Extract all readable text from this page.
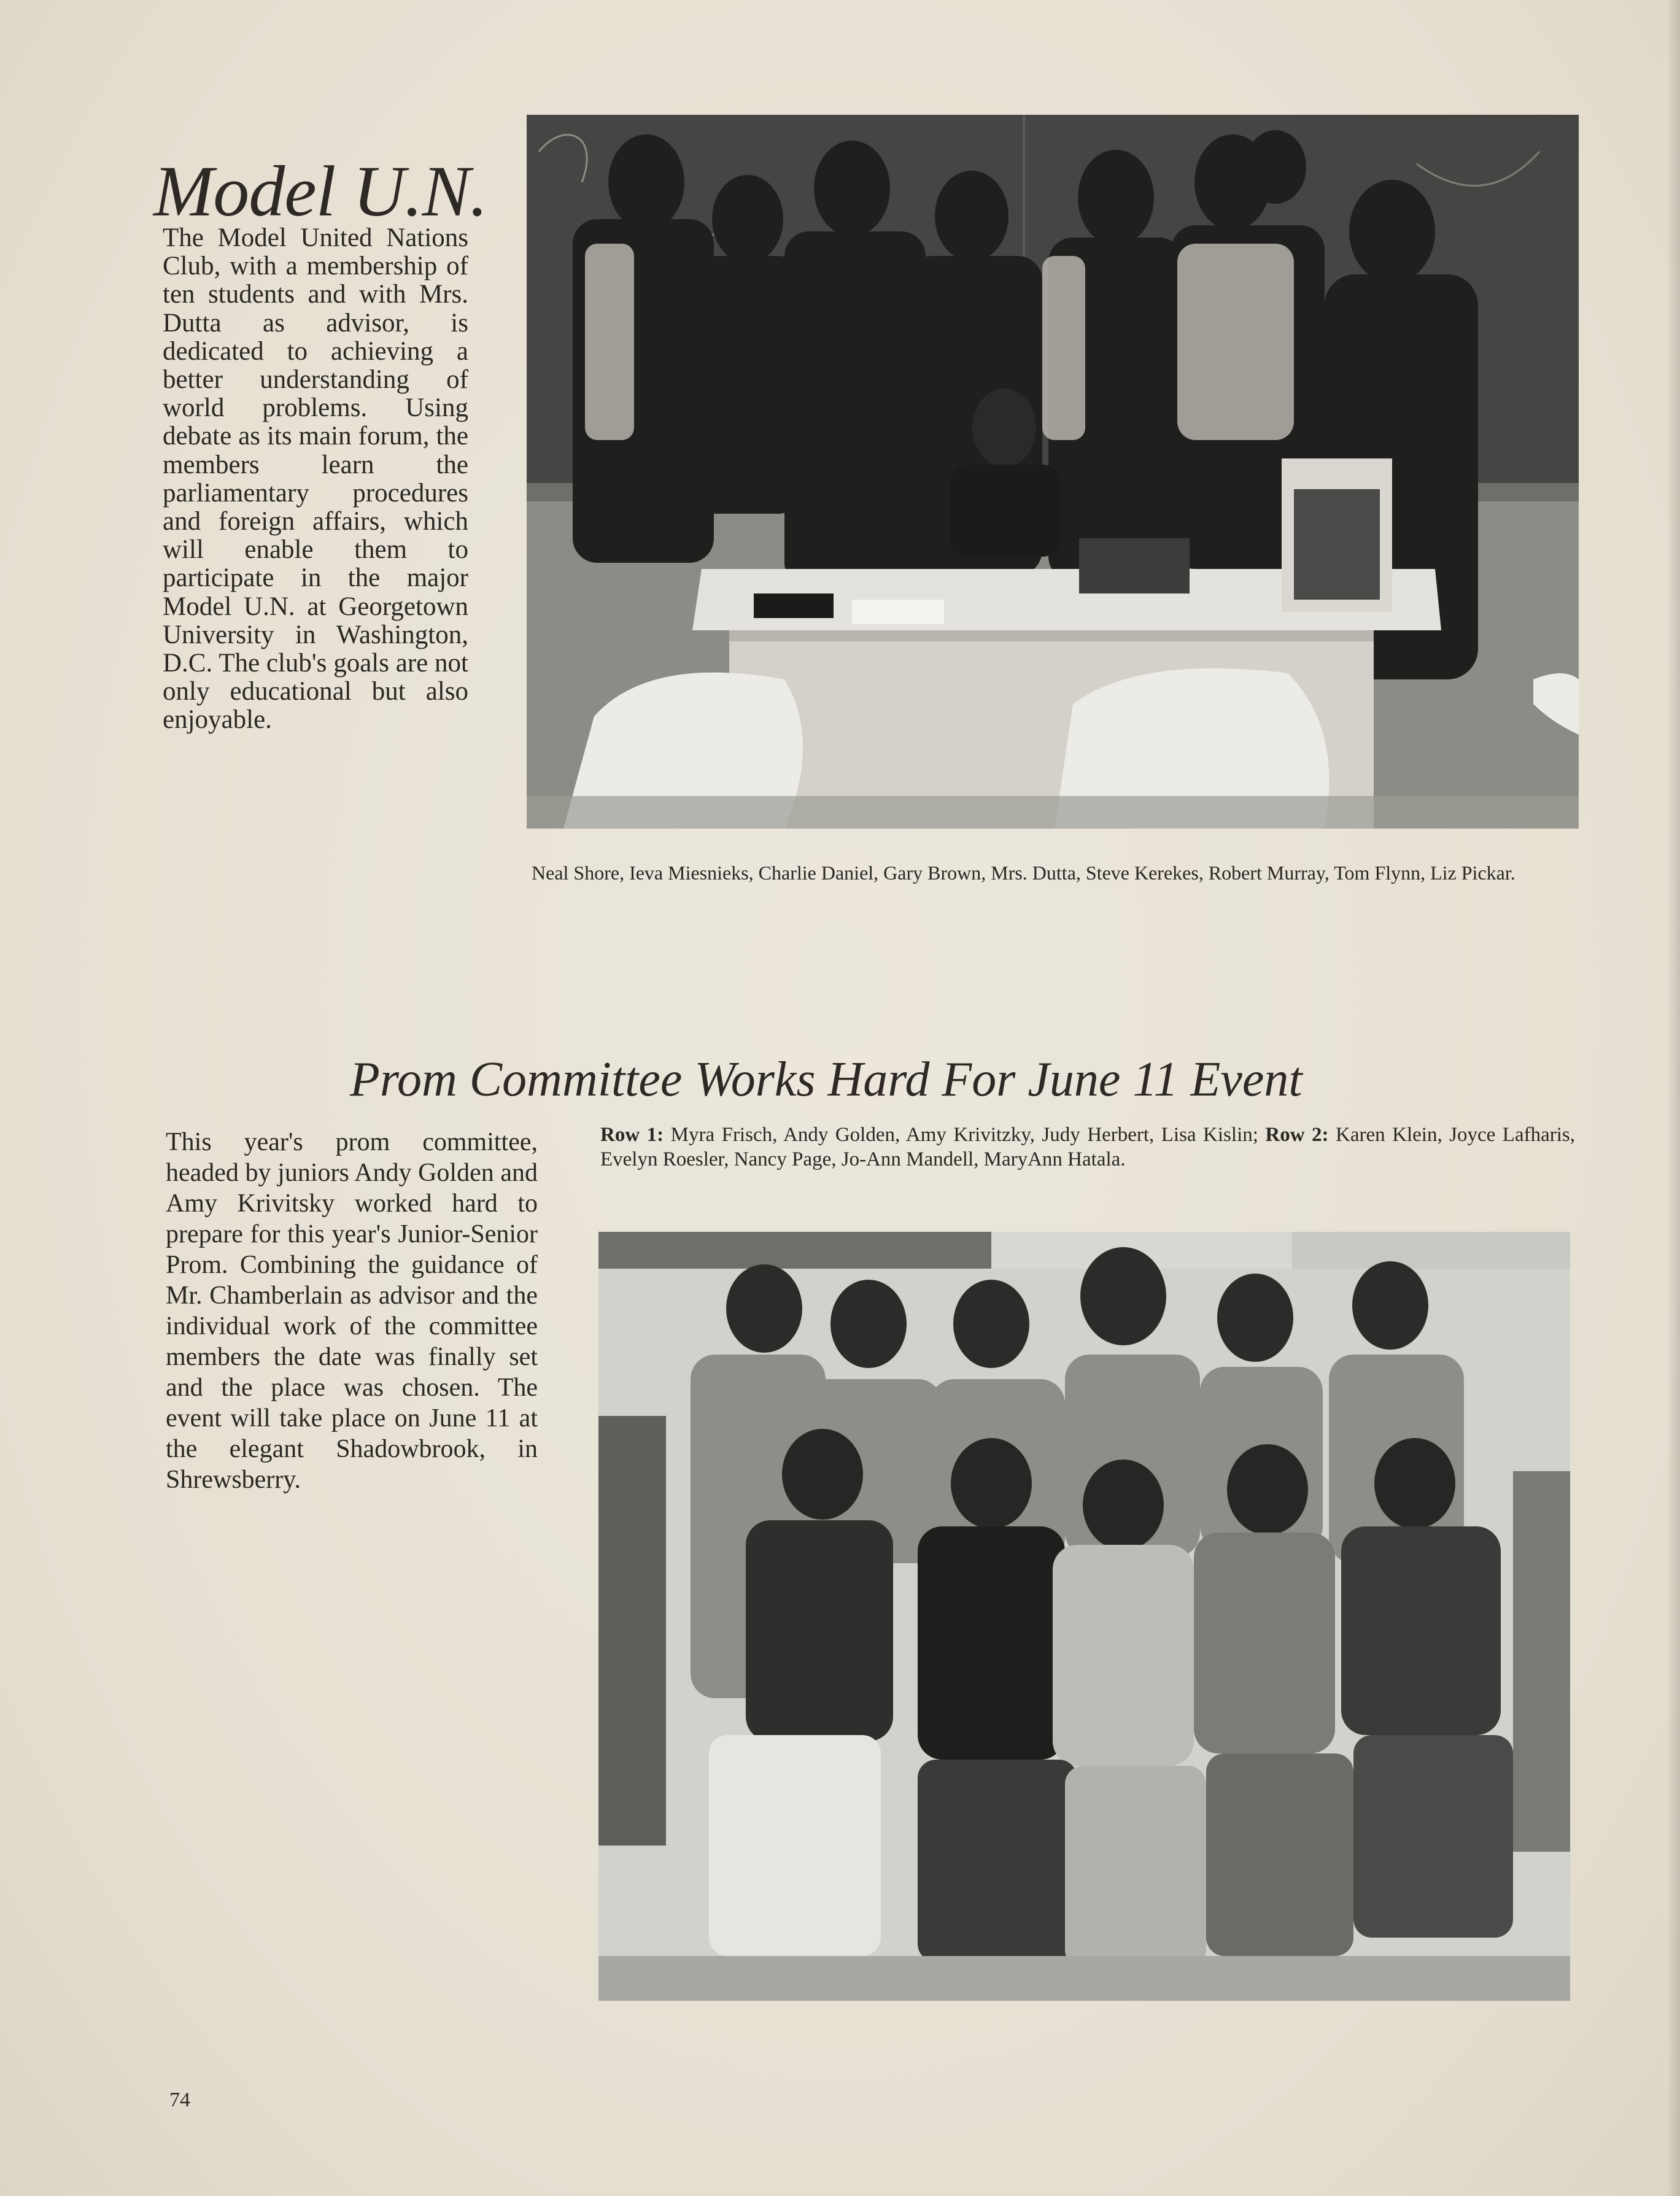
Model U.N.
The Model United Nations Club, with a membership of ten students and with Mrs. Dutta as advisor, is dedicated to achieving a better understanding of world problems. Using debate as its main forum, the members learn the parliamentary procedures and foreign affairs, which will enable them to participate in the major Model U.N. at Georgetown University in Washington, D.C. The club's goals are not only educational but also enjoyable.
Neal Shore, Ieva Miesnieks, Charlie Daniel, Gary Brown, Mrs. Dutta, Steve Kerekes, Robert Murray, Tom Flynn, Liz Pickar.
Prom Committee Works Hard For June 11 Event
This year's prom committee, headed by juniors Andy Golden and Amy Krivitsky worked hard to prepare for this year's Junior-Senior Prom. Combining the guidance of Mr. Chamberlain as advisor and the individual work of the committee members the date was finally set and the place was chosen. The event will take place on June 11 at the elegant Shadowbrook, in Shrewsberry.
Row 1: Myra Frisch, Andy Golden, Amy Krivitzky, Judy Herbert, Lisa Kislin; Row 2: Karen Klein, Joyce Lafharis, Evelyn Roesler, Nancy Page, Jo-Ann Mandell, MaryAnn Hatala.
74
